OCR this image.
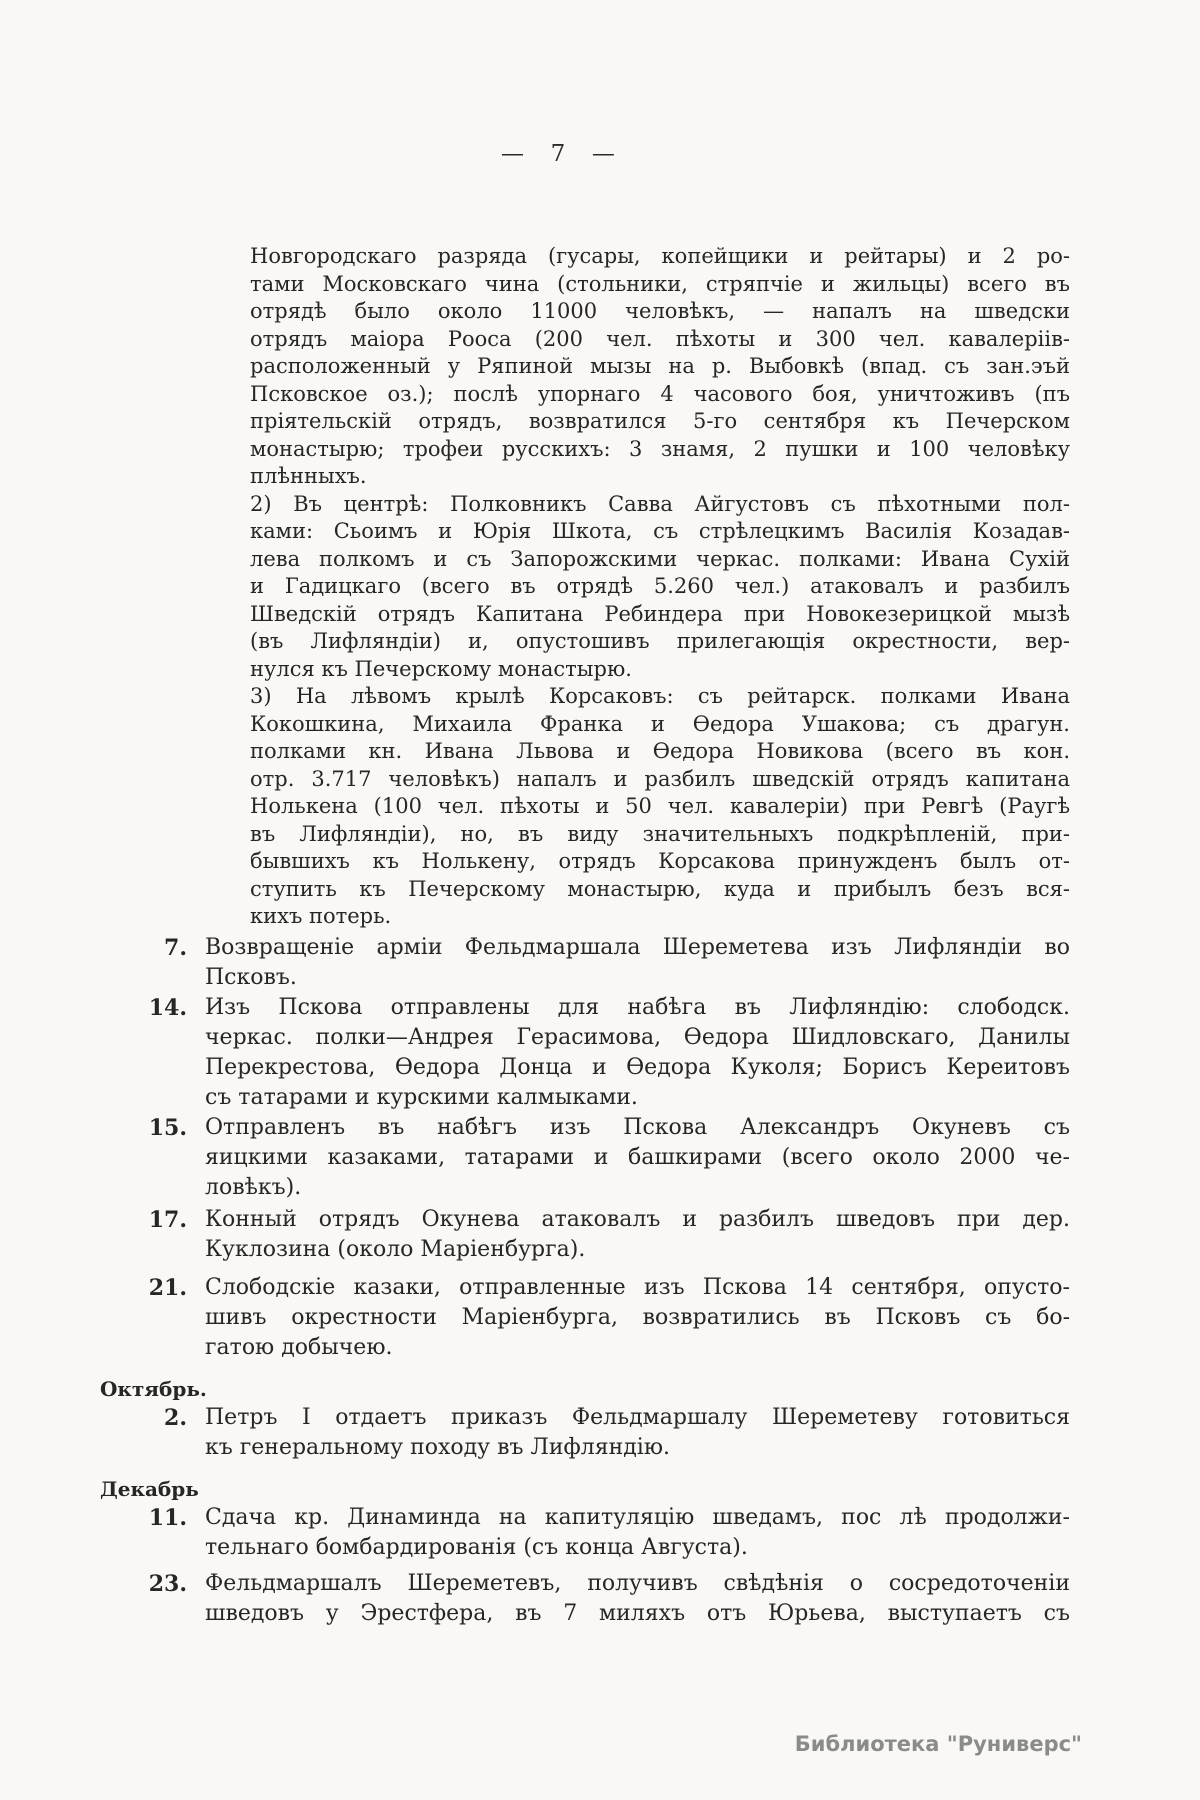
—  7  —
Новгородскаго разряда (гусары, копейщики и рейтары) и 2 ро-
тами Московскаго чина (стольники, стряпчіе и жильцы) всего въ
отрядѣ было около 11000 человѣкъ, — напалъ на шведски
отрядъ маіора Рооса (200 чел. пѣхоты и 300 чел. кавалеріів-
расположенный у Ряпиной мызы на р. Выбовкѣ (впад. съ зан.эъй
Псковское оз.); послѣ упорнаго 4 часового боя, уничтоживъ (пъ
пріятельскій отрядъ, возвратился 5-го сентября къ Печерском
монастырю; трофеи русскихъ: 3 знамя, 2 пушки и 100 человѣку
плѣнныхъ.
2) Въ центрѣ: Полковникъ Савва Айгустовъ съ пѣхотными пол-
ками: Сьоимъ и Юрія Шкота, съ стрѣлецкимъ Василія Козадав-
лева полкомъ и съ Запорожскими черкас. полками: Ивана Сухій
и Гадицкаго (всего въ отрядѣ 5.260 чел.) атаковалъ и разбилъ
Шведскій отрядъ Капитана Ребиндера при Новокезерицкой мызѣ
(въ Лифляндіи) и, опустошивъ прилегающія окрестности, вер-
нулся къ Печерскому монастырю.
3) На лѣвомъ крылѣ Корсаковъ: съ рейтарск. полками Ивана
Кокошкина, Михаила Франка и Ѳедора Ушакова; съ драгун.
полками кн. Ивана Львова и Ѳедора Новикова (всего въ кон.
отр. 3.717 человѣкъ) напалъ и разбилъ шведскій отрядъ капитана
Нолькена (100 чел. пѣхоты и 50 чел. кавалеріи) при Ревгѣ (Раугѣ
въ Лифляндіи), но, въ виду значительныхъ подкрѣпленій, при-
бывшихъ къ Нолькену, отрядъ Корсакова принужденъ былъ от-
ступить къ Печерскому монастырю, куда и прибылъ безъ вся-
кихъ потерь.
7. Возвращеніе арміи Фельдмаршала Шереметева изъ Лифляндіи во
Псковъ.
14. Изъ Пскова отправлены для набѣга въ Лифляндію: слободск.
черкас. полки—Андрея Герасимова, Ѳедора Шидловскаго, Данилы
Перекрестова, Ѳедора Донца и Ѳедора Куколя; Борисъ Кереитовъ
съ татарами и курскими калмыками.
15. Отправленъ въ набѣгъ изъ Пскова Александръ Окуневъ съ
яицкими казаками, татарами и башкирами (всего около 2000 че-
ловѣкъ).
17. Конный отрядъ Окунева атаковалъ и разбилъ шведовъ при дер.
Куклозина (около Маріенбурга).
21. Слободскіе казаки, отправленные изъ Пскова 14 сентября, опусто-
шивъ окрестности Маріенбурга, возвратились въ Псковъ съ бо-
гатою добычею.
Октябрь.
2. Петръ I отдаетъ приказъ Фельдмаршалу Шереметеву готовиться
къ генеральному походу въ Лифляндію.
Декабрь
11. Сдача кр. Динаминда на капитуляцію шведамъ, пос лѣ продолжи-
тельнаго бомбардированія (съ конца Августа).
23. Фельдмаршалъ Шереметевъ, получивъ свѣдѣнія о сосредоточеніи
шведовъ у Эрестфера, въ 7 миляхъ отъ Юрьева, выступаетъ съ
Библиотека "Руниверс"
